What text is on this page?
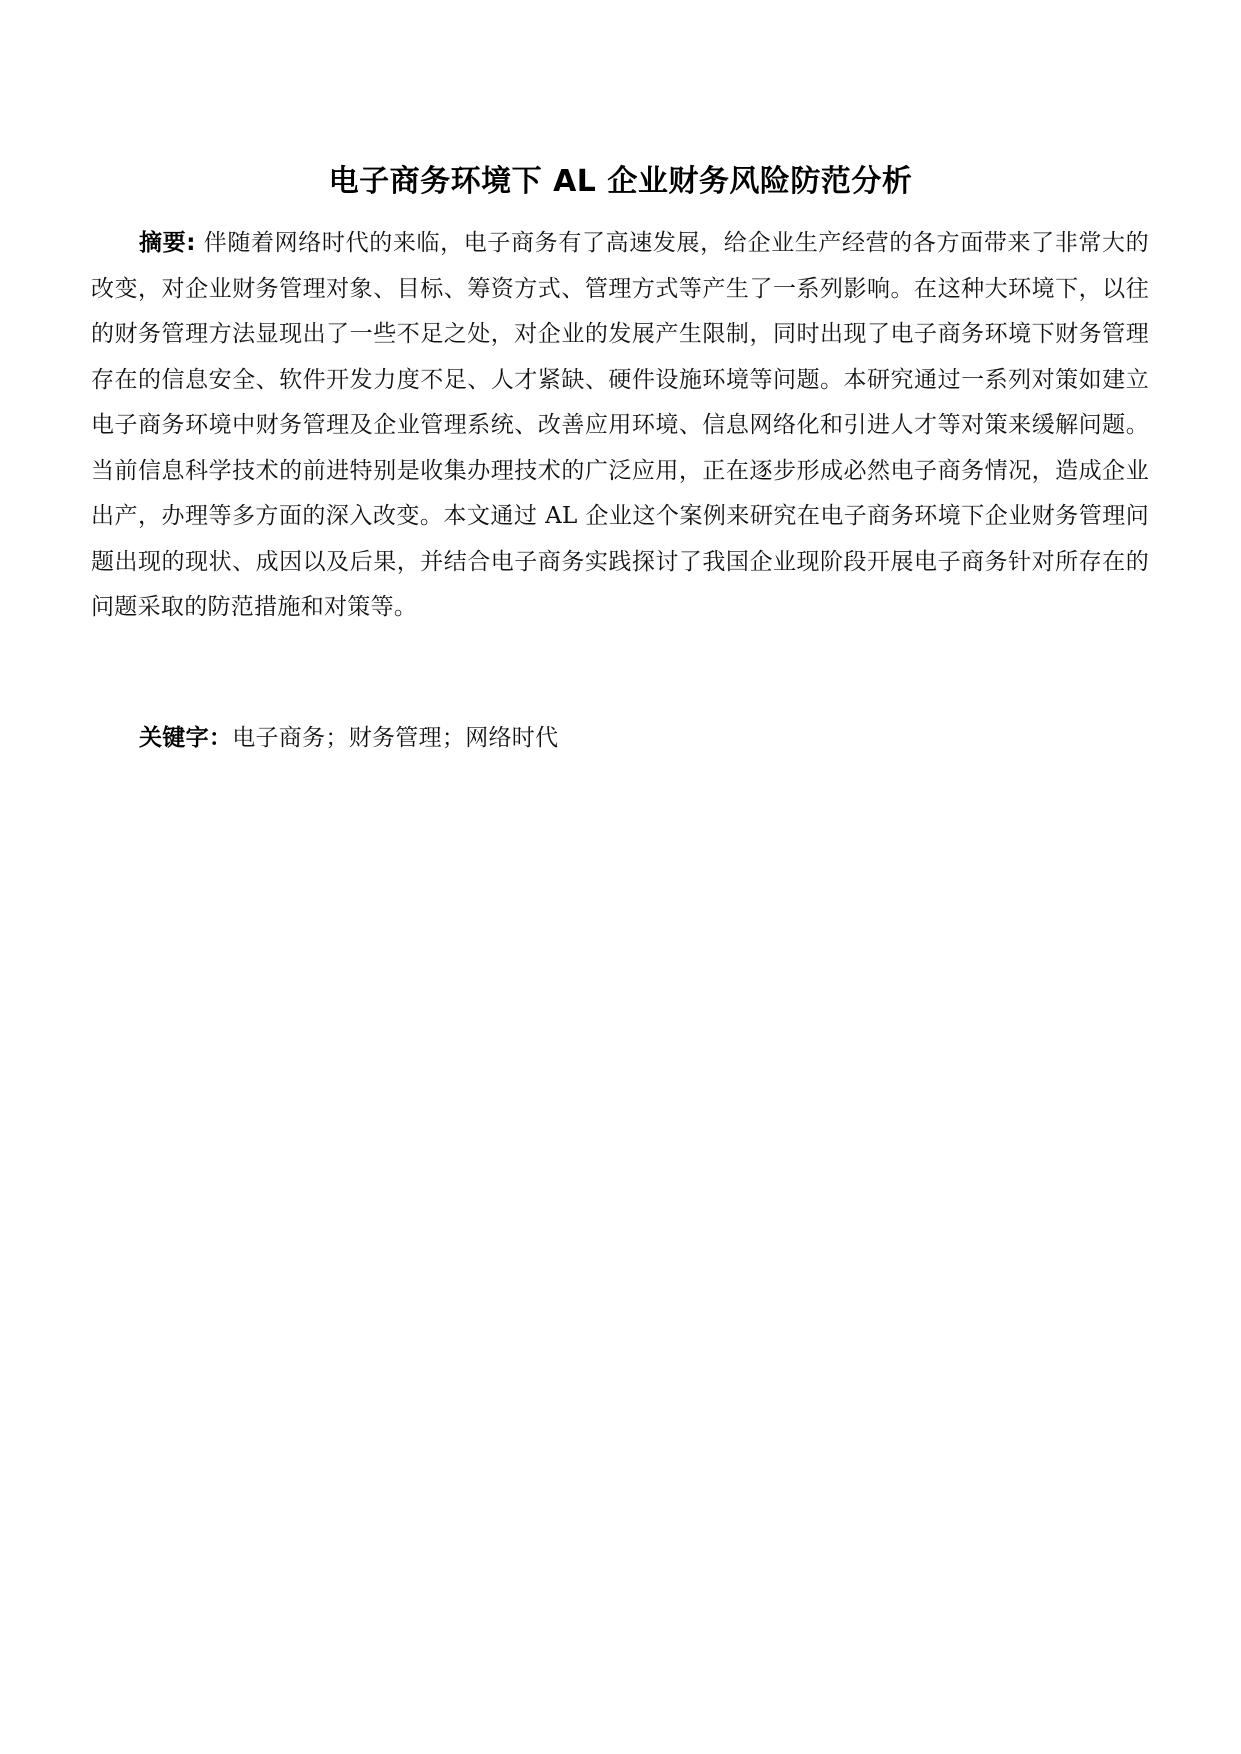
电子商务环境下 AL 企业财务风险防范分析

摘要: 伴随着网络时代的来临，电子商务有了高速发展，给企业生产经营的各方面带来了非常大的改变，对企业财务管理对象、目标、筹资方式、管理方式等产生了一系列影响。在这种大环境下，以往的财务管理方法显现出了一些不足之处，对企业的发展产生限制，同时出现了电子商务环境下财务管理存在的信息安全、软件开发力度不足、人才紧缺、硬件设施环境等问题。本研究通过一系列对策如建立电子商务环境中财务管理及企业管理系统、改善应用环境、信息网络化和引进人才等对策来缓解问题。当前信息科学技术的前进特别是收集办理技术的广泛应用，正在逐步形成必然电子商务情况，造成企业出产，办理等多方面的深入改变。本文通过 AL 企业这个案例来研究在电子商务环境下企业财务管理问题出现的现状、成因以及后果，并结合电子商务实践探讨了我国企业现阶段开展电子商务针对所存在的问题采取的防范措施和对策等。

关键字：电子商务；财务管理；网络时代
